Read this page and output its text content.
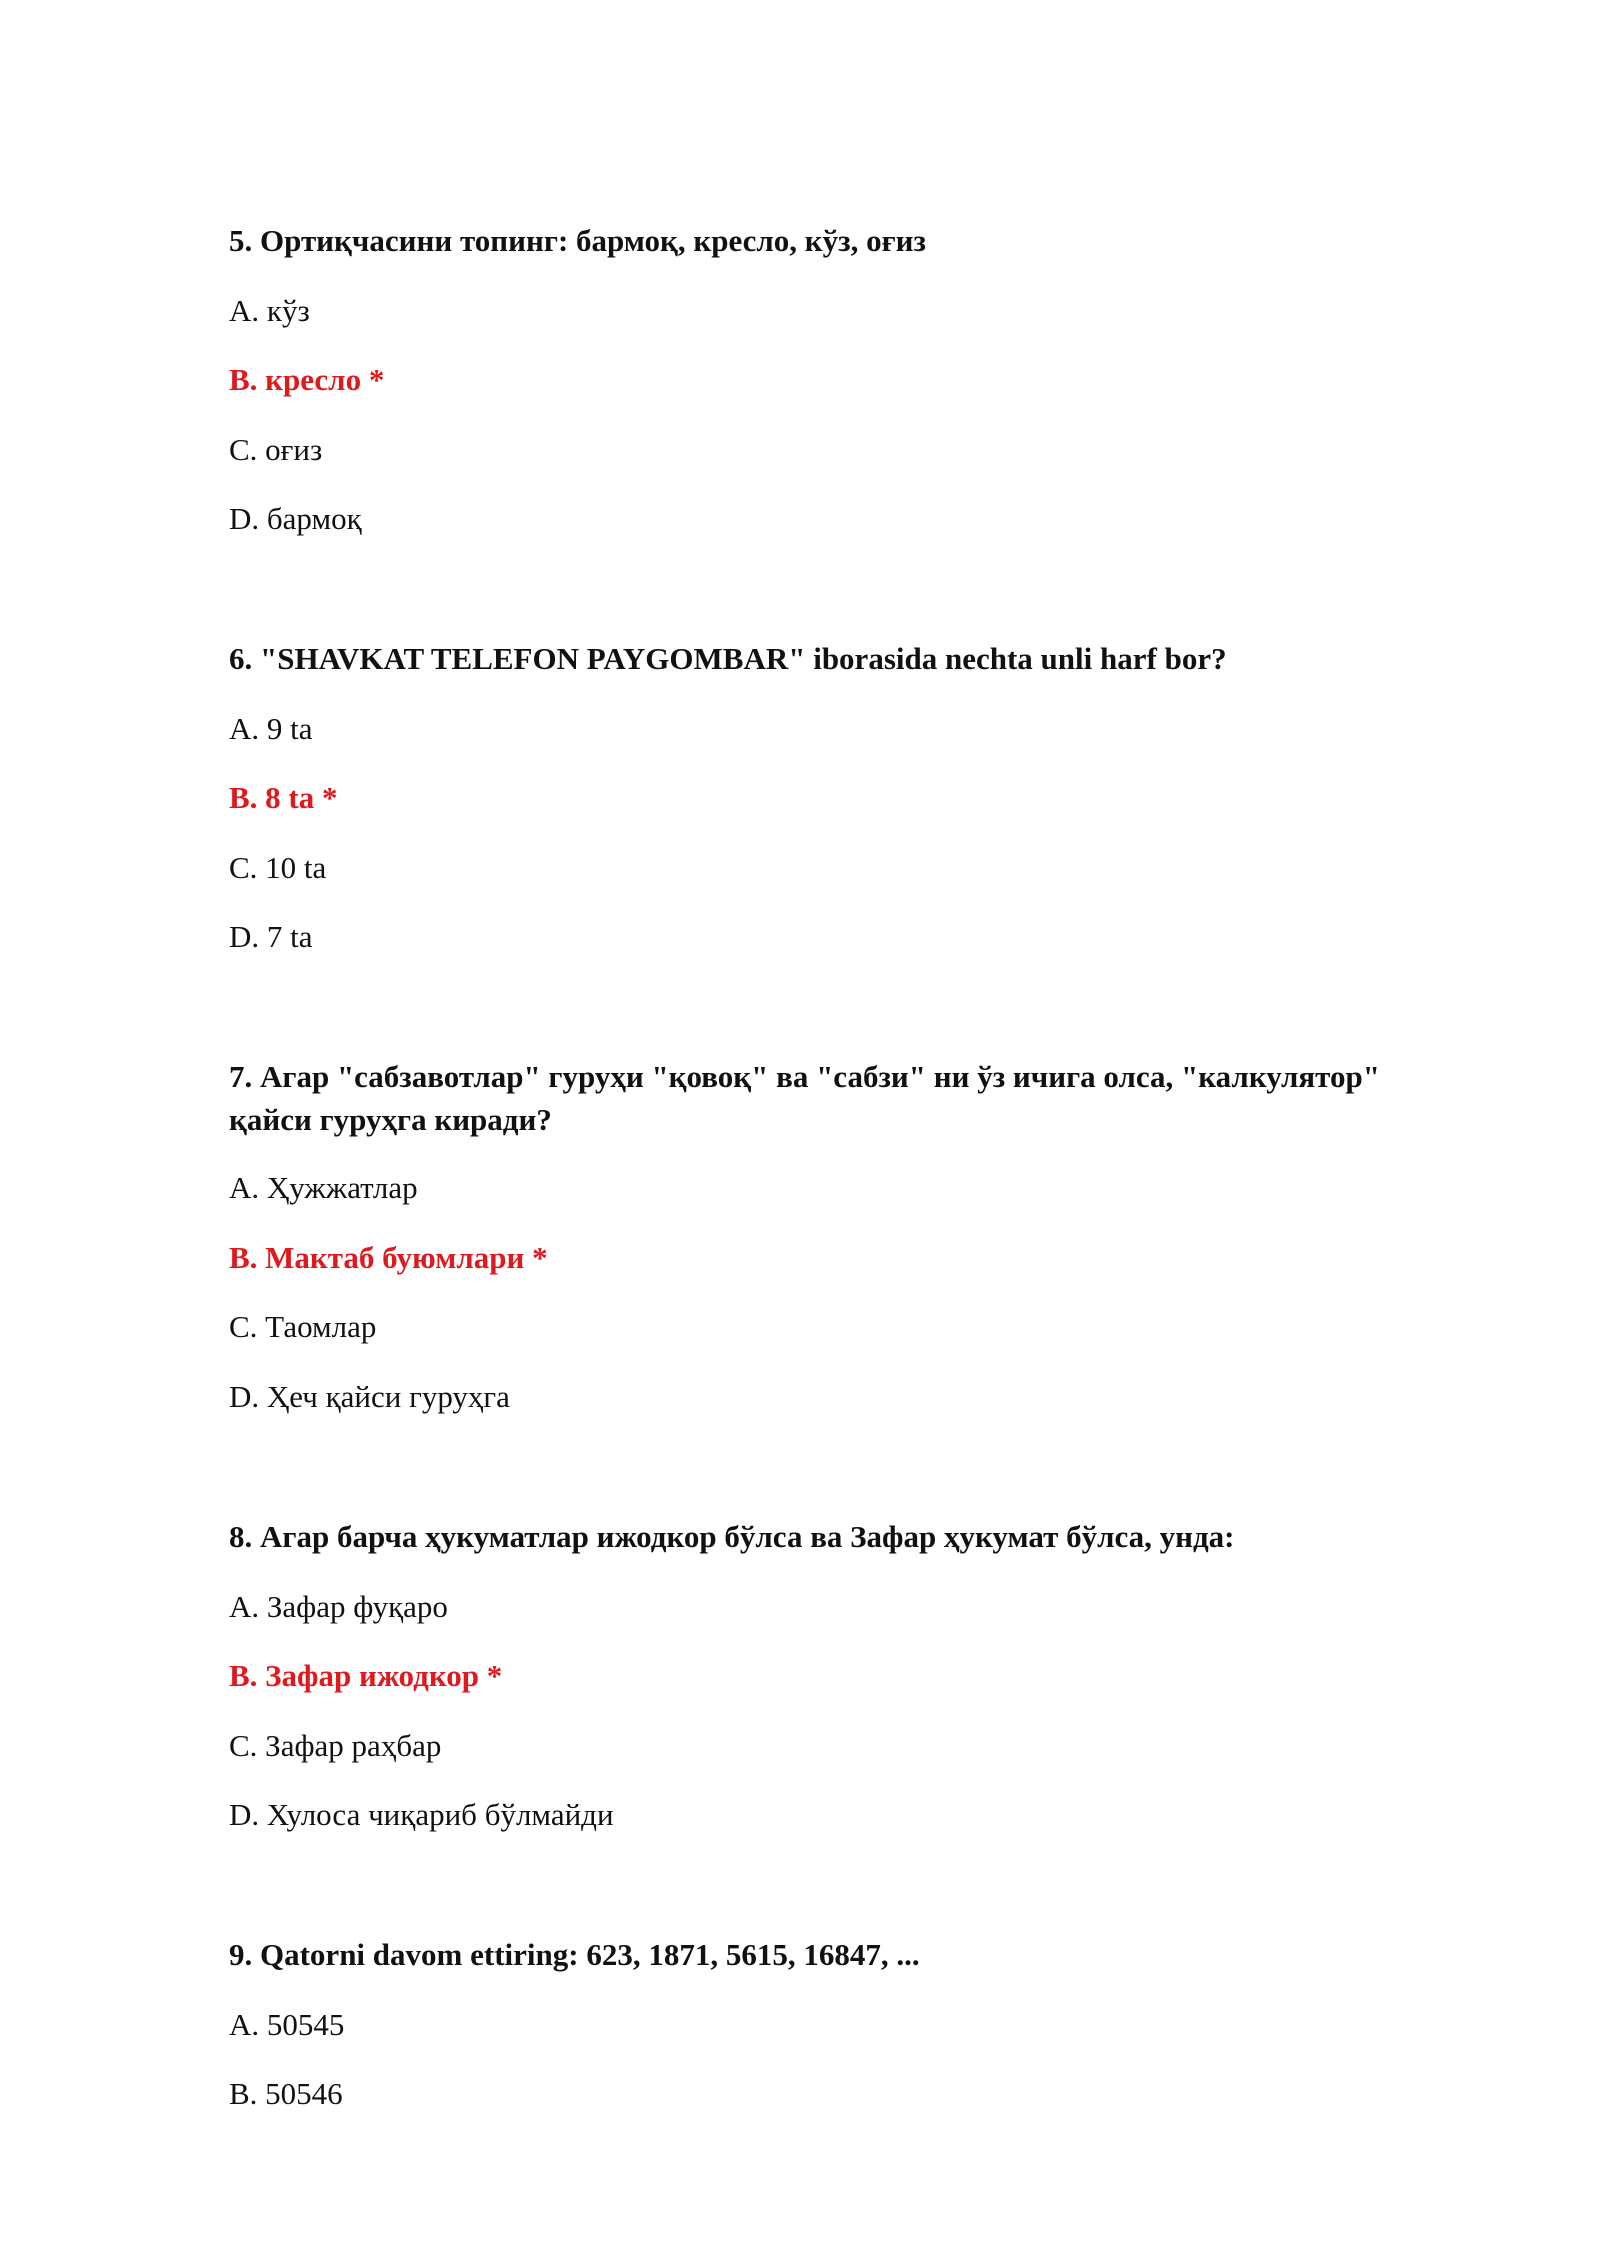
5. Ортиқчасини топинг: бармоқ, кресло, кўз, оғиз

A. кўз

B. кресло *

C. оғиз

D. бармоқ

6. "SHAVKAT TELEFON PAYGOMBAR" iborasida nechta unli harf bor?

A. 9 ta

B. 8 ta *

C. 10 ta

D. 7 ta

7. Агар "сабзавотлар" гуруҳи "қовоқ" ва "сабзи" ни ўз ичига олса, "калкулятор" қайси гуруҳга киради?

A. Ҳужжатлар

B. Мактаб буюмлари *

C. Таомлар

D. Ҳеч қайси гуруҳга

8. Агар барча ҳукуматлар ижодкор бўлса ва Зафар ҳукумат бўлса, унда:

A. Зафар фуқаро

B. Зафар ижодкор *

C. Зафар раҳбар

D. Хулоса чиқариб бўлмайди

9. Qatorni davom ettiring: 623, 1871, 5615, 16847, ...

A. 50545

B. 50546
